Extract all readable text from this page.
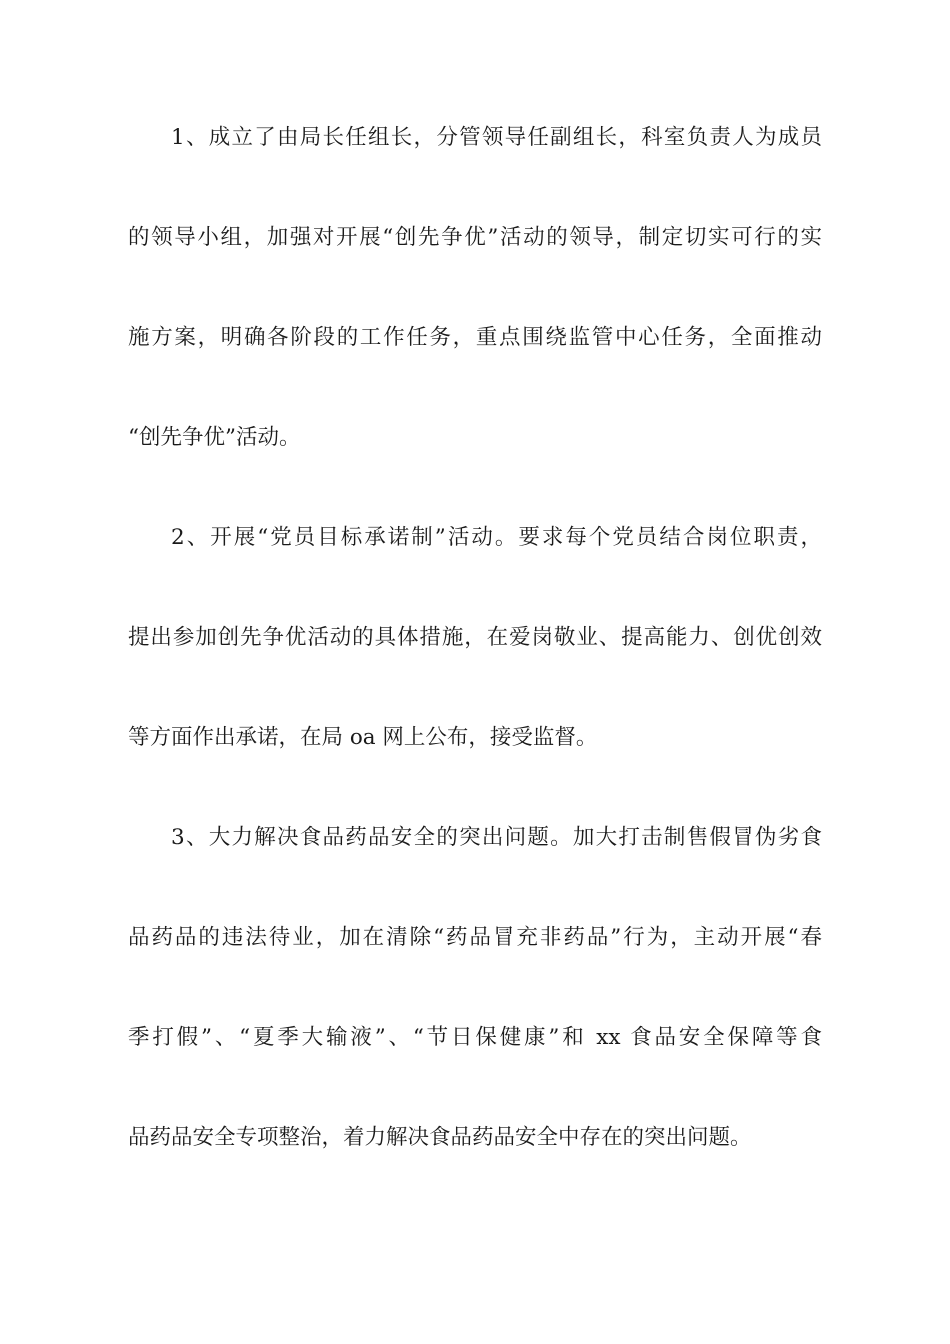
1、成立了由局长任组长，分管领导任副组长，科室负责人为成员
的领导小组，加强对开展“创先争优”活动的领导，制定切实可行的实
施方案，明确各阶段的工作任务，重点围绕监管中心任务，全面推动
“创先争优”活动。
2、开展“党员目标承诺制”活动。要求每个党员结合岗位职责，
提出参加创先争优活动的具体措施，在爱岗敬业、提高能力、创优创效
等方面作出承诺，在局 oa 网上公布，接受监督。
3、大力解决食品药品安全的突出问题。加大打击制售假冒伪劣食
品药品的违法待业，加在清除“药品冒充非药品”行为，主动开展“春
季打假”、“夏季大输液”、“节日保健康”和 xx 食品安全保障等食
品药品安全专项整治，着力解决食品药品安全中存在的突出问题。
